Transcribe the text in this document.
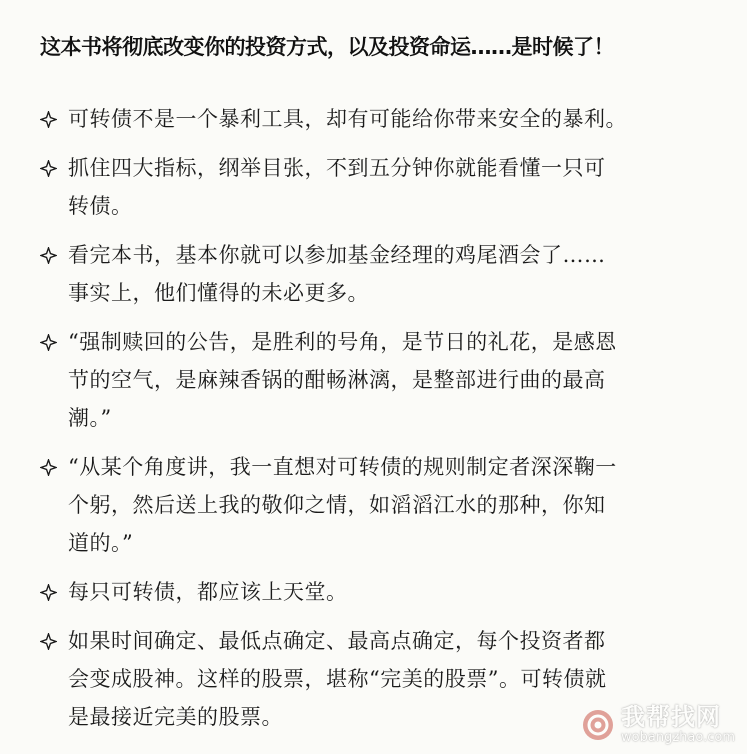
这本书将彻底改变你的投资方式，以及投资命运……是时候了！
可转债不是一个暴利工具，却有可能给你带来安全的暴利。
抓住四大指标，纲举目张，不到五分钟你就能看懂一只可
转债。
看完本书，基本你就可以参加基金经理的鸡尾酒会了……
事实上，他们懂得的未必更多。
“强制赎回的公告，是胜利的号角，是节日的礼花，是感恩
节的空气，是麻辣香锅的酣畅淋漓，是整部进行曲的最高
潮。”
“从某个角度讲，我一直想对可转债的规则制定者深深鞠一
个躬，然后送上我的敬仰之情，如滔滔江水的那种，你知
道的。”
每只可转债，都应该上天堂。
如果时间确定、最低点确定、最高点确定，每个投资者都
会变成股神。这样的股票，堪称“完美的股票”。可转债就
是最接近完美的股票。	我帮找网
wobangzhao.com
